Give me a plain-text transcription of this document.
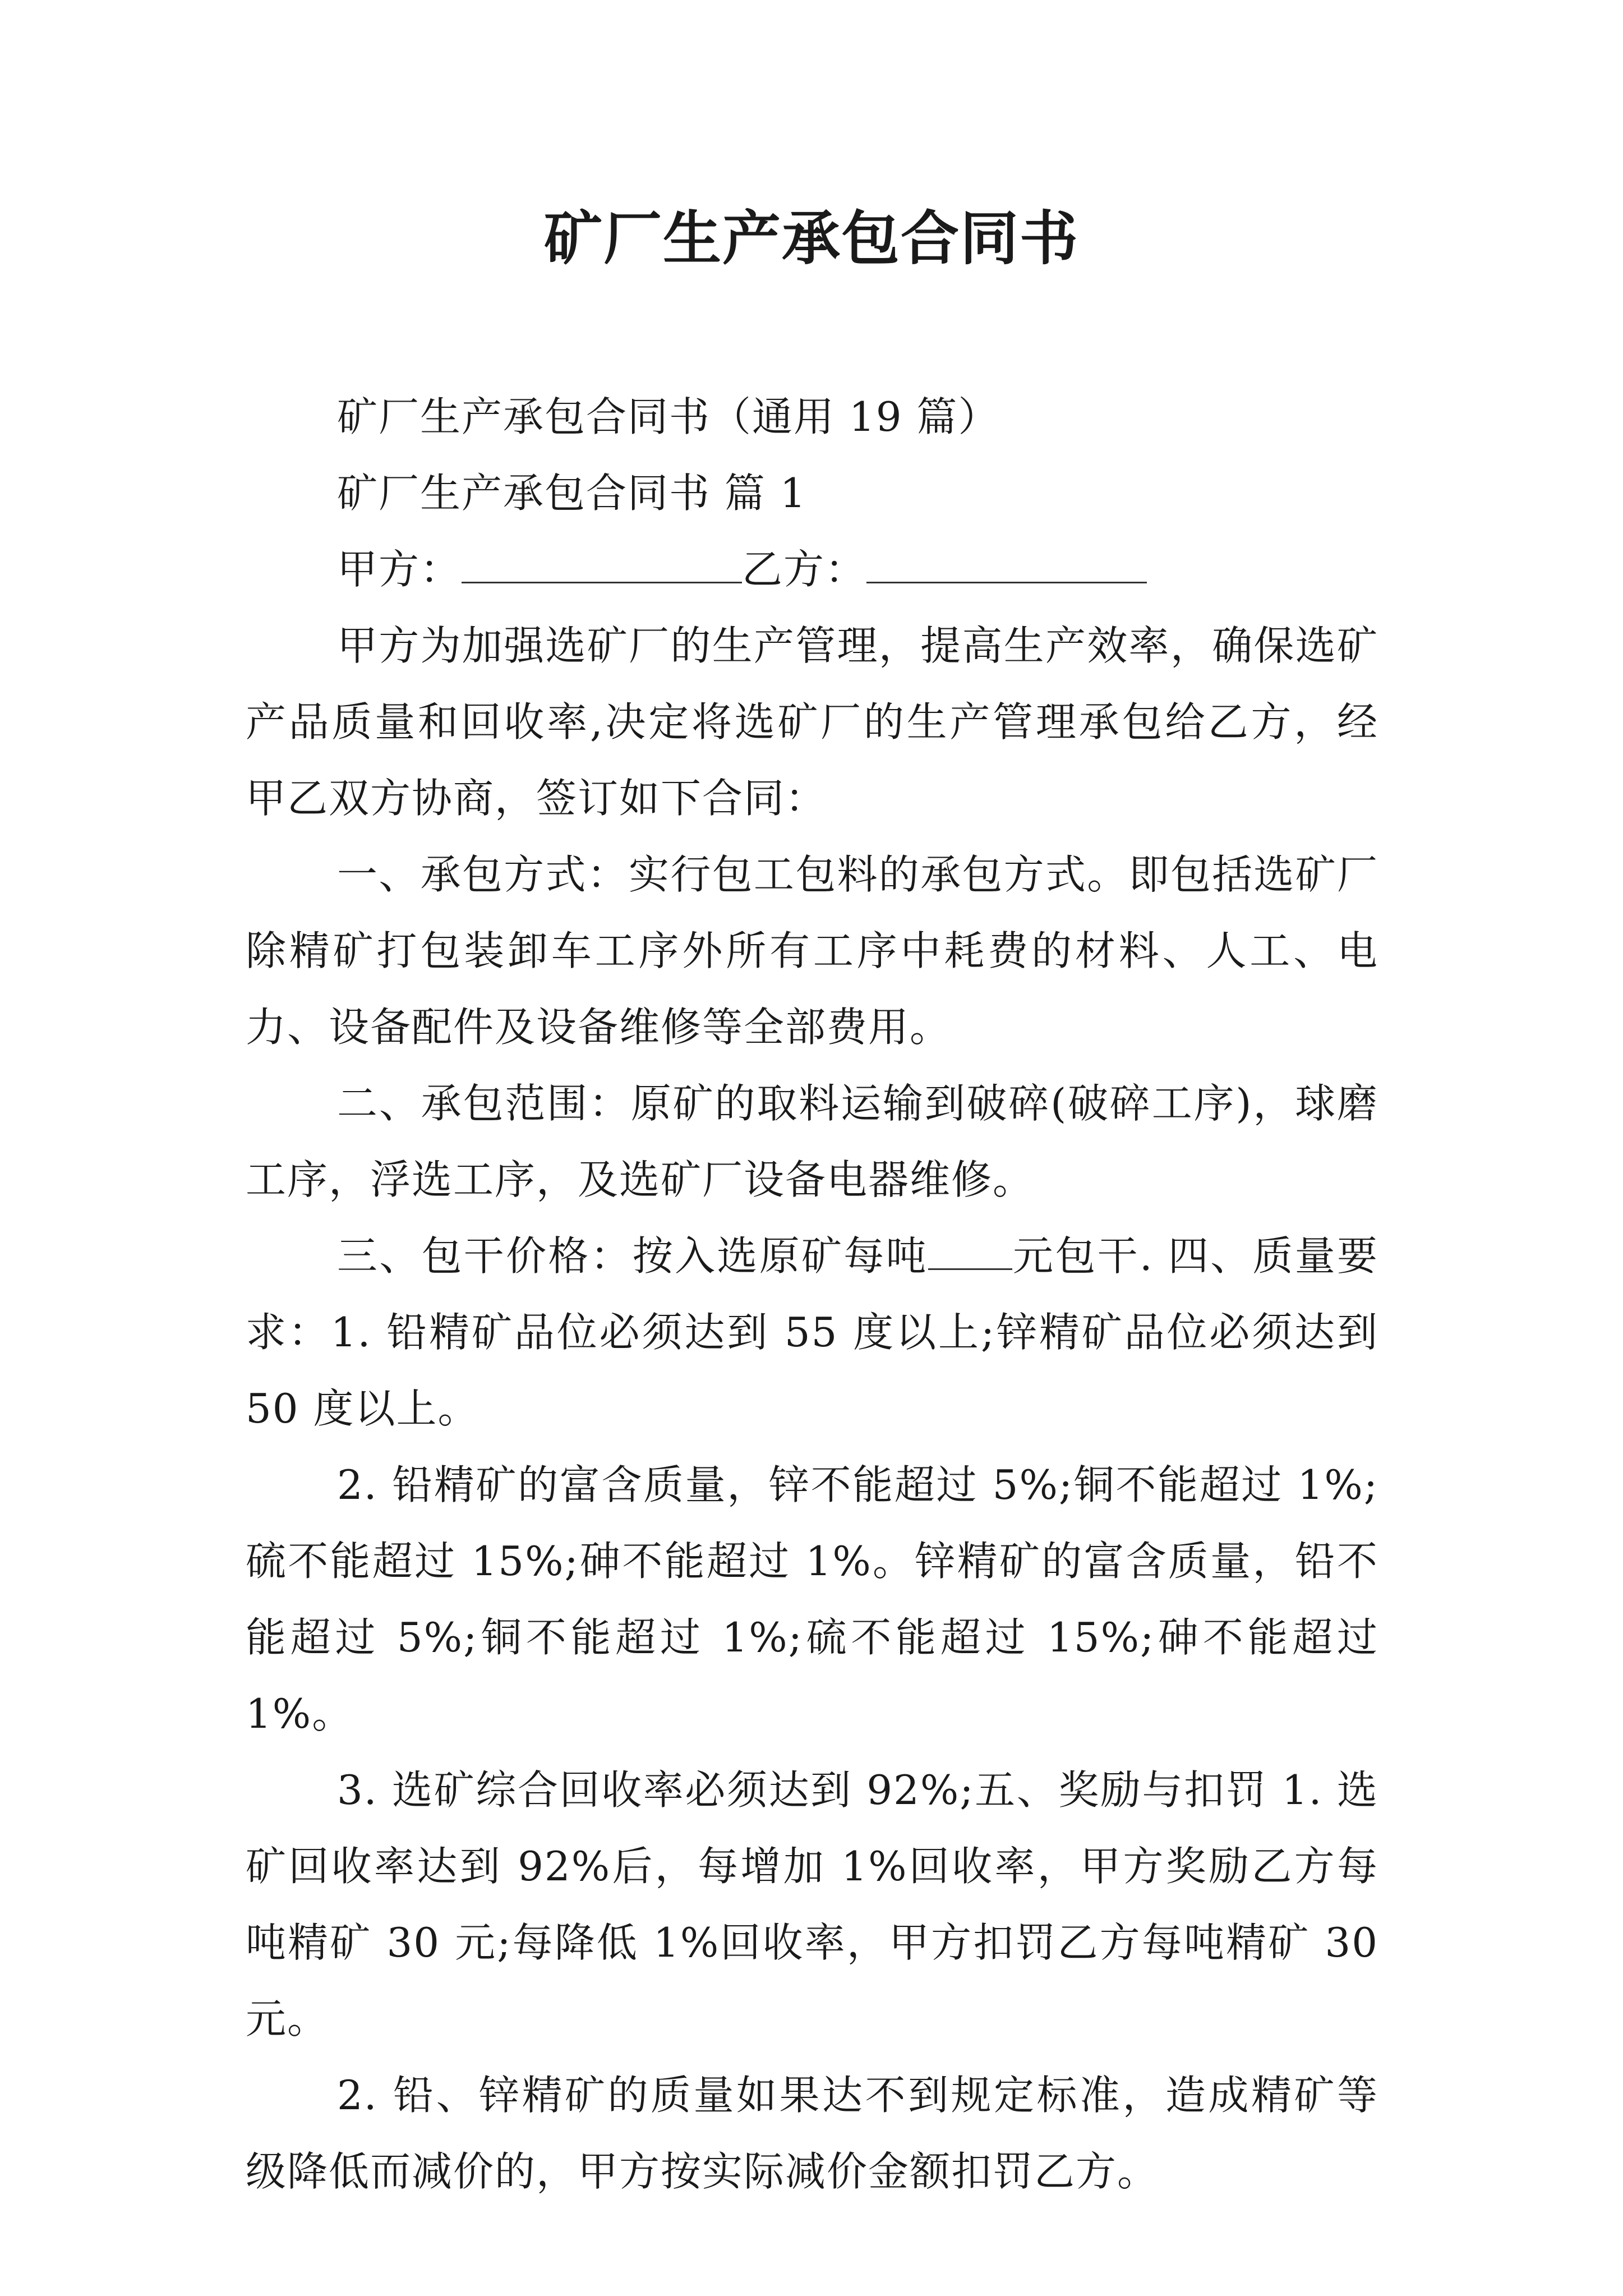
矿厂生产承包合同书

矿厂生产承包合同书（通用 19 篇）

矿厂生产承包合同书 篇 1

甲方：	乙方：

甲方为加强选矿厂的生产管理，提高生产效率，确保选矿产品质量和回收率,决定将选矿厂的生产管理承包给乙方，经甲乙双方协商，签订如下合同：

一、承包方式：实行包工包料的承包方式。即包括选矿厂除精矿打包装卸车工序外所有工序中耗费的材料、人工、电力、设备配件及设备维修等全部费用。

二、承包范围：原矿的取料运输到破碎(破碎工序)，球磨工序，浮选工序，及选矿厂设备电器维修。

三、包干价格：按入选原矿每吨 元包干. 四、质量要求：1. 铅精矿品位必须达到 55 度以上;锌精矿品位必须达到 50 度以上。

2. 铅精矿的富含质量，锌不能超过 5%;铜不能超过 1%;硫不能超过 15%;砷不能超过 1%。锌精矿的富含质量，铅不能超过 5%;铜不能超过 1%;硫不能超过 15%;砷不能超过 1%。

3. 选矿综合回收率必须达到 92%;五、奖励与扣罚 1. 选矿回收率达到 92%后，每增加 1%回收率，甲方奖励乙方每吨精矿 30 元;每降低 1%回收率，甲方扣罚乙方每吨精矿 30 元。

2. 铅、锌精矿的质量如果达不到规定标准，造成精矿等级降低而减价的，甲方按实际减价金额扣罚乙方。
